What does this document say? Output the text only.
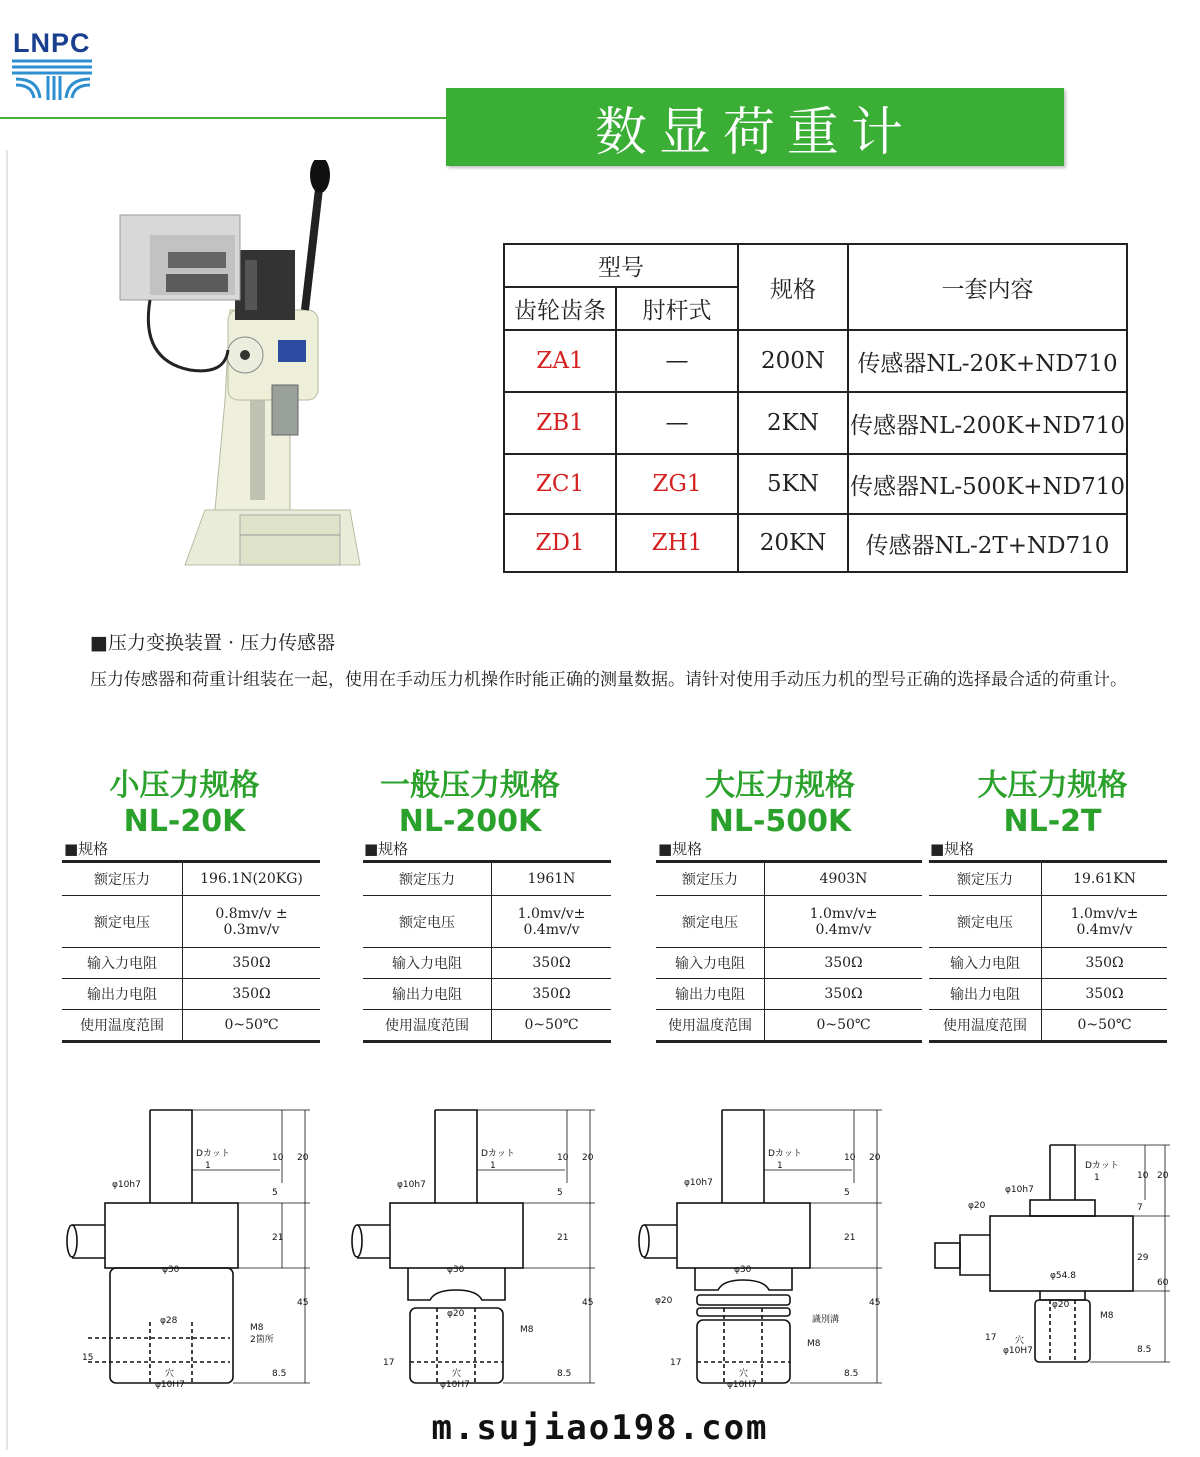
LNPC
数显荷重计
型号		规格	一套内容
齿轮齿条	肘杆式		
ZA1	—	200N	传感器NL-20K+ND710
ZB1	—	2KN	传感器NL-200K+ND710
ZC1	ZG1	5KN	传感器NL-500K+ND710
ZD1	ZH1	20KN	传感器NL-2T+ND710
■压力变换装置 · 压力传感器
压力传感器和荷重计组装在一起，使用在手动压力机操作时能正确的测量数据。请针对使用手动压力机的型号正确的选择最合适的荷重计。
小压力规格
NL-20K
一般压力规格
NL-200K
大压力规格
NL-500K
大压力规格
NL-2T
■规格	■规格	■规格	■规格
额定压力	196.1N(20KG)
额定电压	0.8mv/v ±
0.3mv/v

输入力电阻	350Ω
输出力电阻	350Ω
使用温度范围	0~50℃
额定压力	1961N
额定电压	1.0mv/v±
0.4mv/v

输入力电阻	350Ω
输出力电阻	350Ω
使用温度范围	0~50℃
额定压力	4903N
额定电压	1.0mv/v±
0.4mv/v

输入力电阻	350Ω
输出力电阻	350Ω
使用温度范围	0~50℃
额定压力	19.61KN
额定电压	1.0mv/v±
0.4mv/v

输入力电阻	350Ω
输出力电阻	350Ω
使用温度范围	0~50℃
Dカット
1
φ10h7
φ30
φ28
穴
φ10H7
M8
2箇所
10 20
5
21
45
15
8.5
Dカット
1
φ10h7
φ30
φ20
穴
φ10H7
M8
10 20
5
21
45
17
8.5
Dカット
1
φ10h7
φ30
φ20
識別溝
穴
φ10H7
M8
10 20
5
21
45
17
8.5
Dカット
1
φ10h7
φ20
φ54.8
φ20
穴
φ10H7
M8
10 20
7
29
60
17
8.5
m.sujiao198.com
